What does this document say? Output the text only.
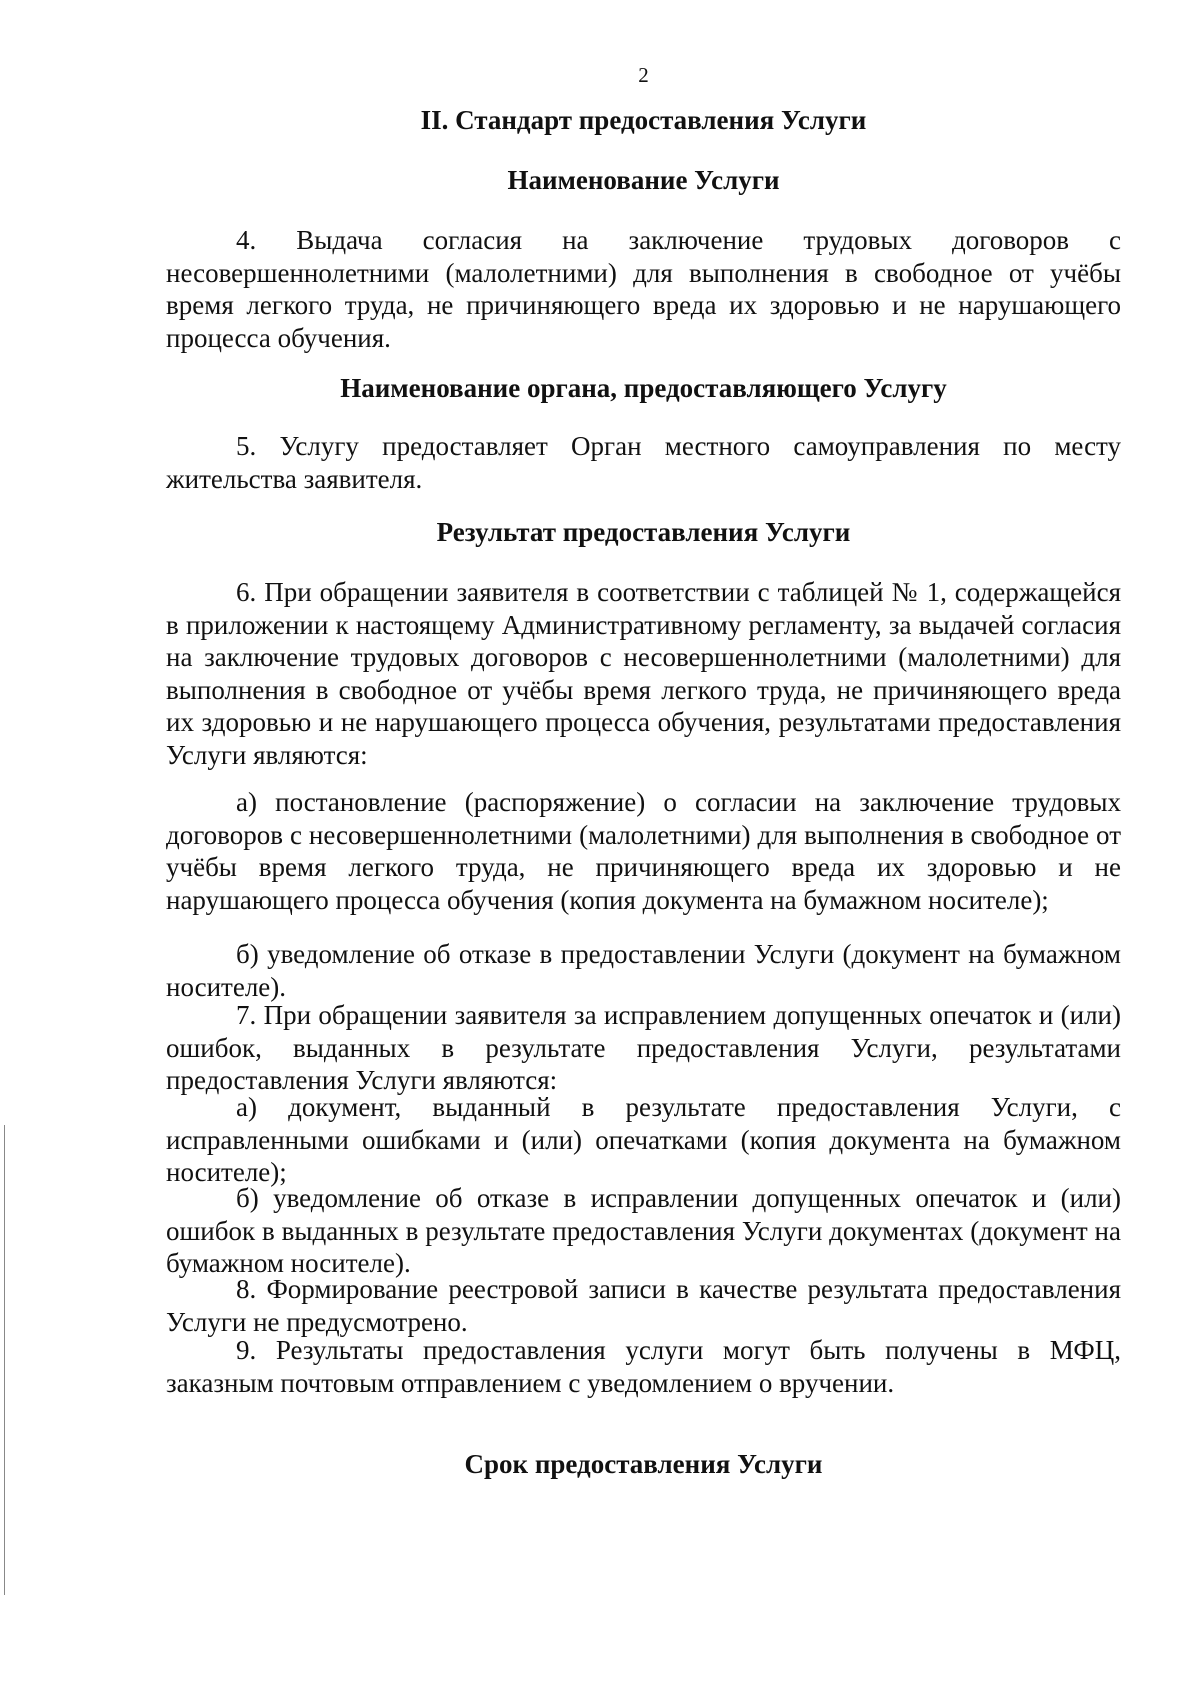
2
II. Стандарт предоставления Услуги
Наименование Услуги

4. Выдача согласия на заключение трудовых договоров с несовершеннолетними (малолетними) для выполнения в свободное от учёбы время легкого труда, не причиняющего вреда их здоровью и не нарушающего процесса обучения.

Наименование органа, предоставляющего Услугу

5. Услугу предоставляет Орган местного самоуправления по месту жительства заявителя.

Результат предоставления Услуги

6. При обращении заявителя в соответствии с таблицей № 1, содержащейся в приложении к настоящему Административному регламенту, за выдачей согласия на заключение трудовых договоров с несовершеннолетними (малолетними) для выполнения в свободное от учёбы время легкого труда, не причиняющего вреда их здоровью и не нарушающего процесса обучения, результатами предоставления Услуги являются:

а) постановление (распоряжение) о согласии на заключение трудовых договоров с несовершеннолетними (малолетними) для выполнения в свободное от учёбы время легкого труда, не причиняющего вреда их здоровью и не нарушающего процесса обучения (копия документа на бумажном носителе);

б) уведомление об отказе в предоставлении Услуги (документ на бумажном носителе).

7. При обращении заявителя за исправлением допущенных опечаток и (или) ошибок, выданных в результате предоставления Услуги, результатами предоставления Услуги являются:

а) документ, выданный в результате предоставления Услуги, с исправленными ошибками и (или) опечатками (копия документа на бумажном носителе);

б) уведомление об отказе в исправлении допущенных опечаток и (или) ошибок в выданных в результате предоставления Услуги документах (документ на бумажном носителе).

8. Формирование реестровой записи в качестве результата предоставления Услуги не предусмотрено.

9. Результаты предоставления услуги могут быть получены в МФЦ, заказным почтовым отправлением с уведомлением о вручении.

Срок предоставления Услуги
